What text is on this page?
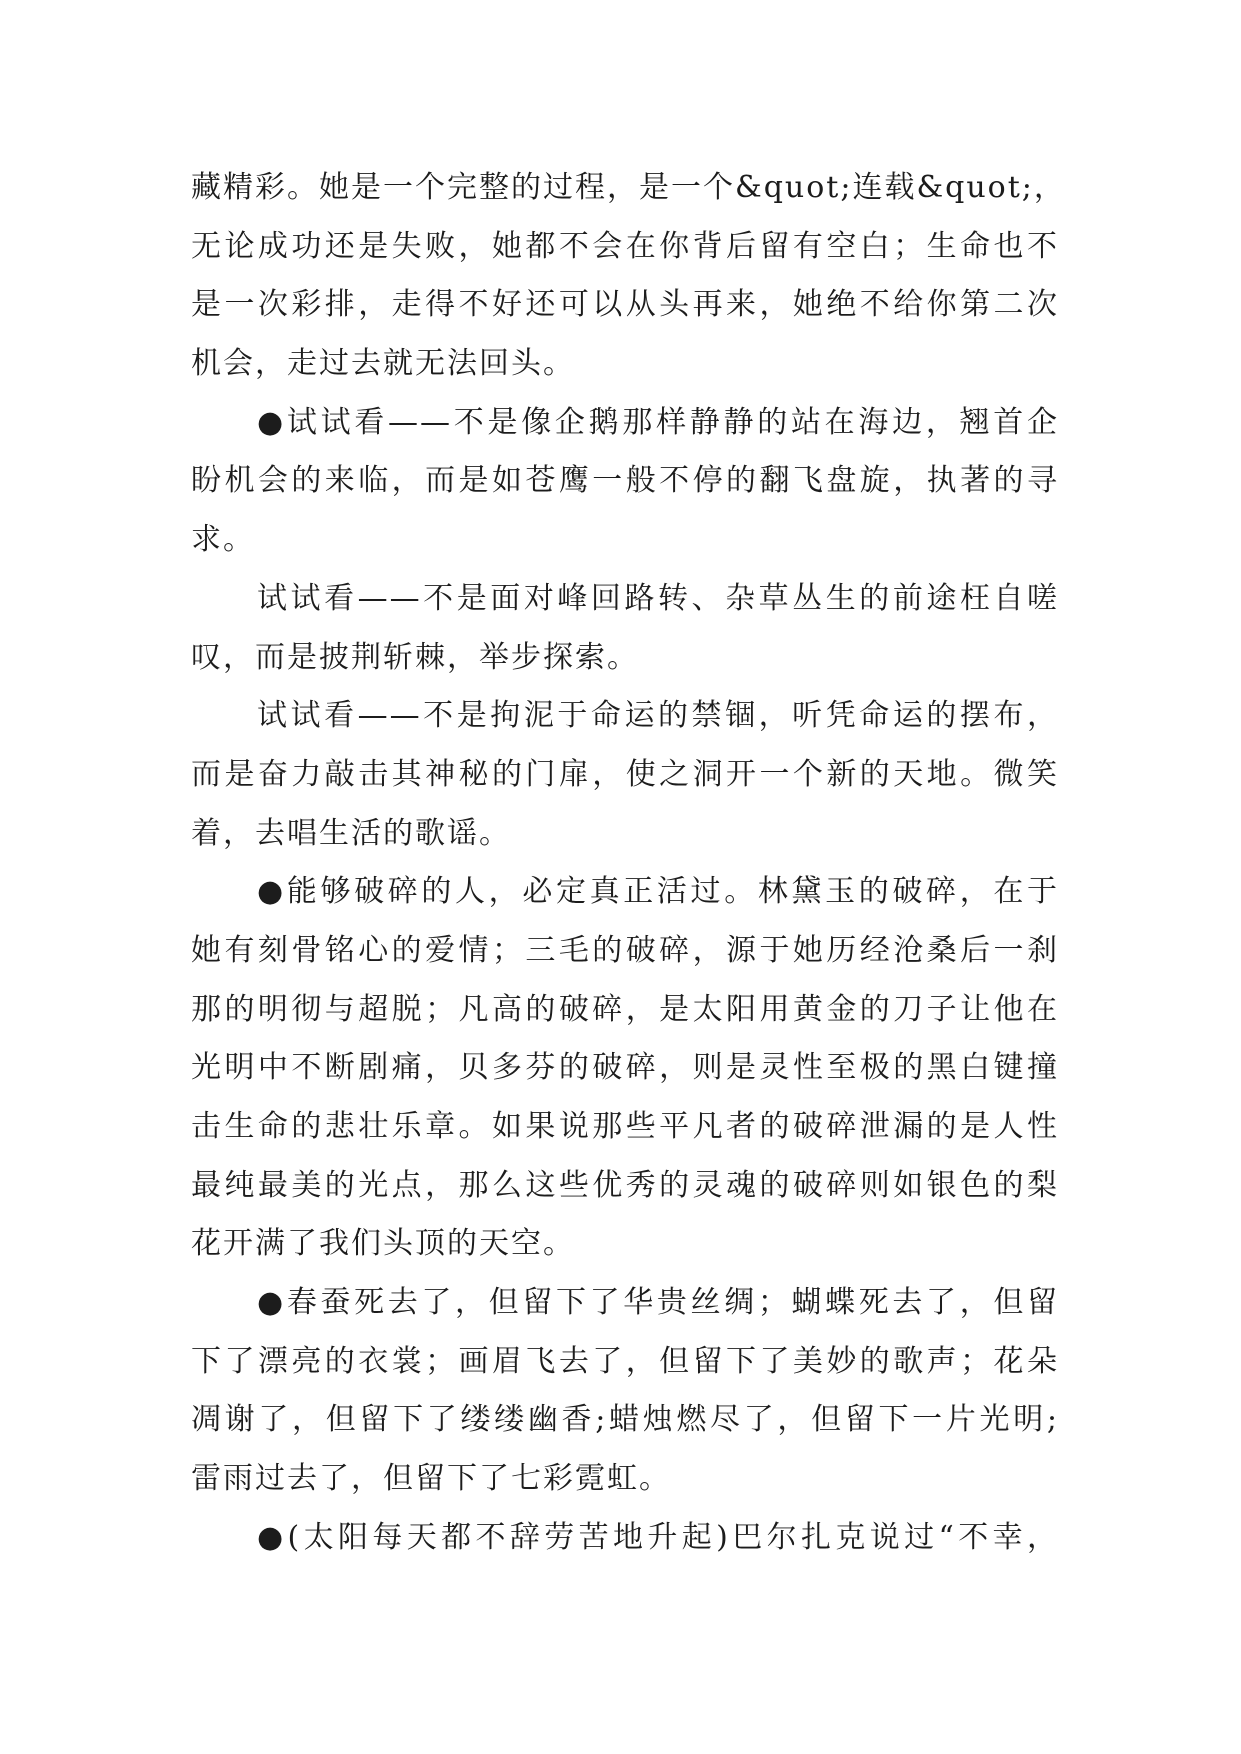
藏精彩。她是一个完整的过程，是一个&quot;连载&quot;，
无论成功还是失败，她都不会在你背后留有空白；生命也不
是一次彩排，走得不好还可以从头再来，她绝不给你第二次
机会，走过去就无法回头。
●试试看——不是像企鹅那样静静的站在海边，翘首企
盼机会的来临，而是如苍鹰一般不停的翻飞盘旋，执著的寻
求。
试试看——不是面对峰回路转、杂草丛生的前途枉自嗟
叹，而是披荆斩棘，举步探索。
试试看——不是拘泥于命运的禁锢，听凭命运的摆布，
而是奋力敲击其神秘的门扉，使之洞开一个新的天地。微笑
着，去唱生活的歌谣。
●能够破碎的人，必定真正活过。林黛玉的破碎，在于
她有刻骨铭心的爱情；三毛的破碎，源于她历经沧桑后一刹
那的明彻与超脱；凡高的破碎，是太阳用黄金的刀子让他在
光明中不断剧痛，贝多芬的破碎，则是灵性至极的黑白键撞
击生命的悲壮乐章。如果说那些平凡者的破碎泄漏的是人性
最纯最美的光点，那么这些优秀的灵魂的破碎则如银色的梨
花开满了我们头顶的天空。
●春蚕死去了，但留下了华贵丝绸；蝴蝶死去了，但留
下了漂亮的衣裳；画眉飞去了，但留下了美妙的歌声；花朵
凋谢了，但留下了缕缕幽香;蜡烛燃尽了，但留下一片光明;
雷雨过去了，但留下了七彩霓虹。
●(太阳每天都不辞劳苦地升起)巴尔扎克说过“不幸，
